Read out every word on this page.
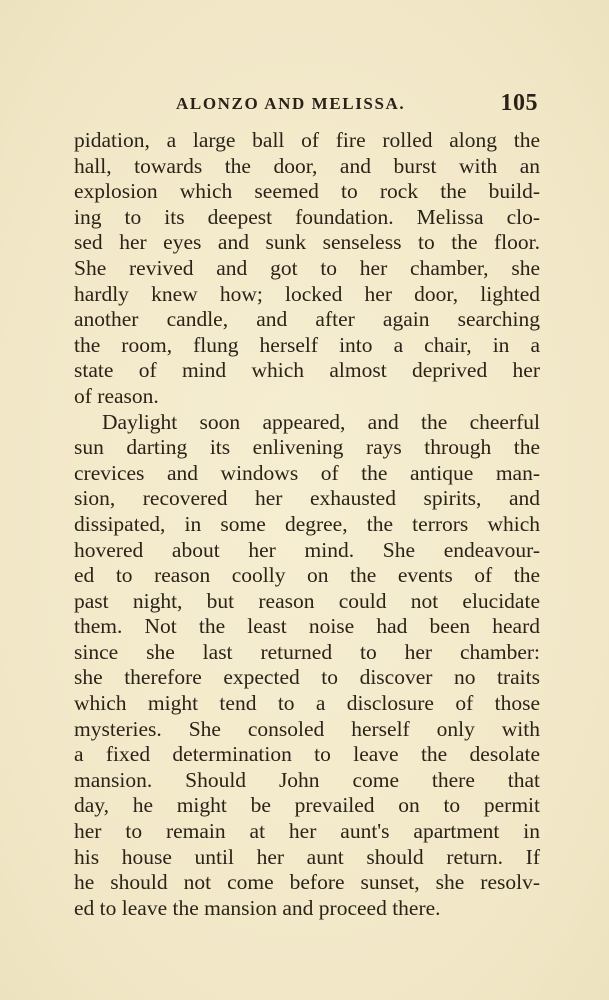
ALONZO AND MELISSA.	105
pidation, a large ball of fire rolled along the
hall, towards the door, and burst with an
explosion which seemed to rock the build-
ing to its deepest foundation. Melissa clo-
sed her eyes and sunk senseless to the floor.
She revived and got to her chamber, she
hardly knew how; locked her door, lighted
another candle, and after again searching
the room, flung herself into a chair, in a
state of mind which almost deprived her
of reason.
Daylight soon appeared, and the cheerful
sun darting its enlivening rays through the
crevices and windows of the antique man-
sion, recovered her exhausted spirits, and
dissipated, in some degree, the terrors which
hovered about her mind. She endeavour-
ed to reason coolly on the events of the
past night, but reason could not elucidate
them. Not the least noise had been heard
since she last returned to her chamber:
she therefore expected to discover no traits
which might tend to a disclosure of those
mysteries. She consoled herself only with
a fixed determination to leave the desolate
mansion. Should John come there that
day, he might be prevailed on to permit
her to remain at her aunt's apartment in
his house until her aunt should return. If
he should not come before sunset, she resolv-
ed to leave the mansion and proceed there.
